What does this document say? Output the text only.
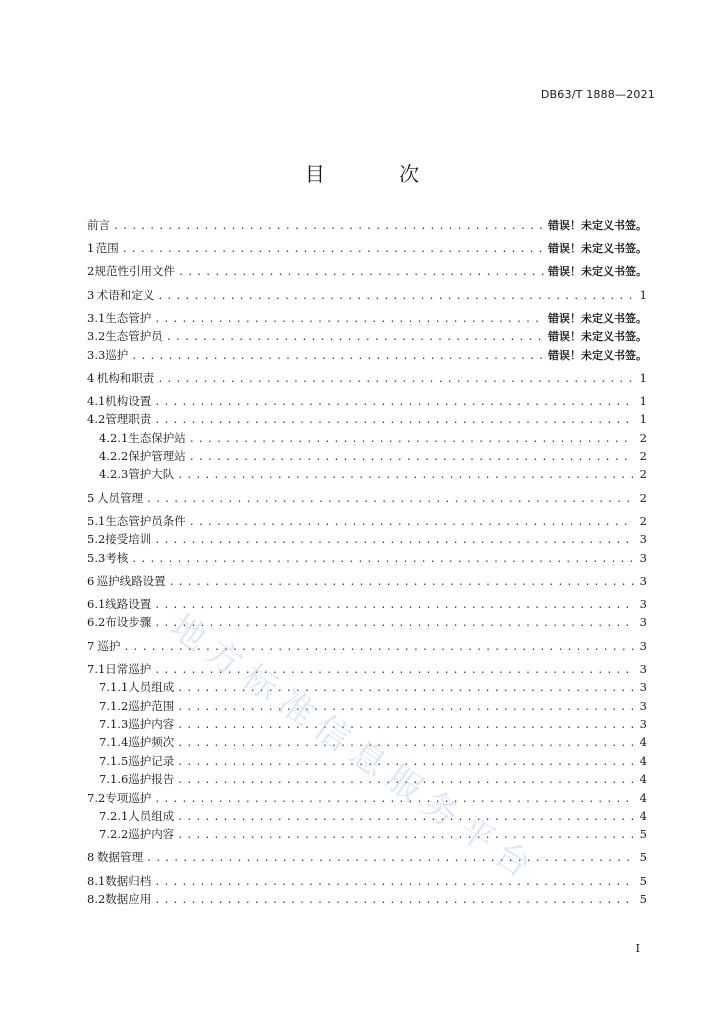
DB63/T 1888—2021
目 次
前言 . . .	错误！未定义书签。
1 范围 . . .	错误！未定义书签。
2 规范性引用文件 . . .	错误！未定义书签。
3 术语和定义 . . .	1
3.1 生态管护 . . .	错误！未定义书签。
3.2 生态管护员 . . .	错误！未定义书签。
3.3 巡护 . . .	错误！未定义书签。
4 机构和职责 . . .	1
4.1 机构设置 . . .	1
4.2 管理职责 . . .	1
4.2.1 生态保护站 . . .	2
4.2.2 保护管理站 . . .	2
4.2.3 管护大队 . . .	2
5 人员管理 . . .	2
5.1 生态管护员条件 . . .	2
5.2 接受培训 . . .	3
5.3 考核 . . .	3
6 巡护线路设置 . . .	3
6.1 线路设置 . . .	3
6.2 布设步骤 . . .	3
7 巡护 . . .	3
7.1 日常巡护 . . .	3
7.1.1 人员组成 . . .	3
7.1.2 巡护范围 . . .	3
7.1.3 巡护内容 . . .	3
7.1.4 巡护频次 . . .	4
7.1.5 巡护记录 . . .	4
7.1.6 巡护报告 . . .	4
7.2 专项巡护 . . .	4
7.2.1 人员组成 . . .	4
7.2.2 巡护内容 . . .	5
8 数据管理 . . .	5
8.1 数据归档 . . .	5
8.2 数据应用 . . .	5
地方标准信息服务平台
I
